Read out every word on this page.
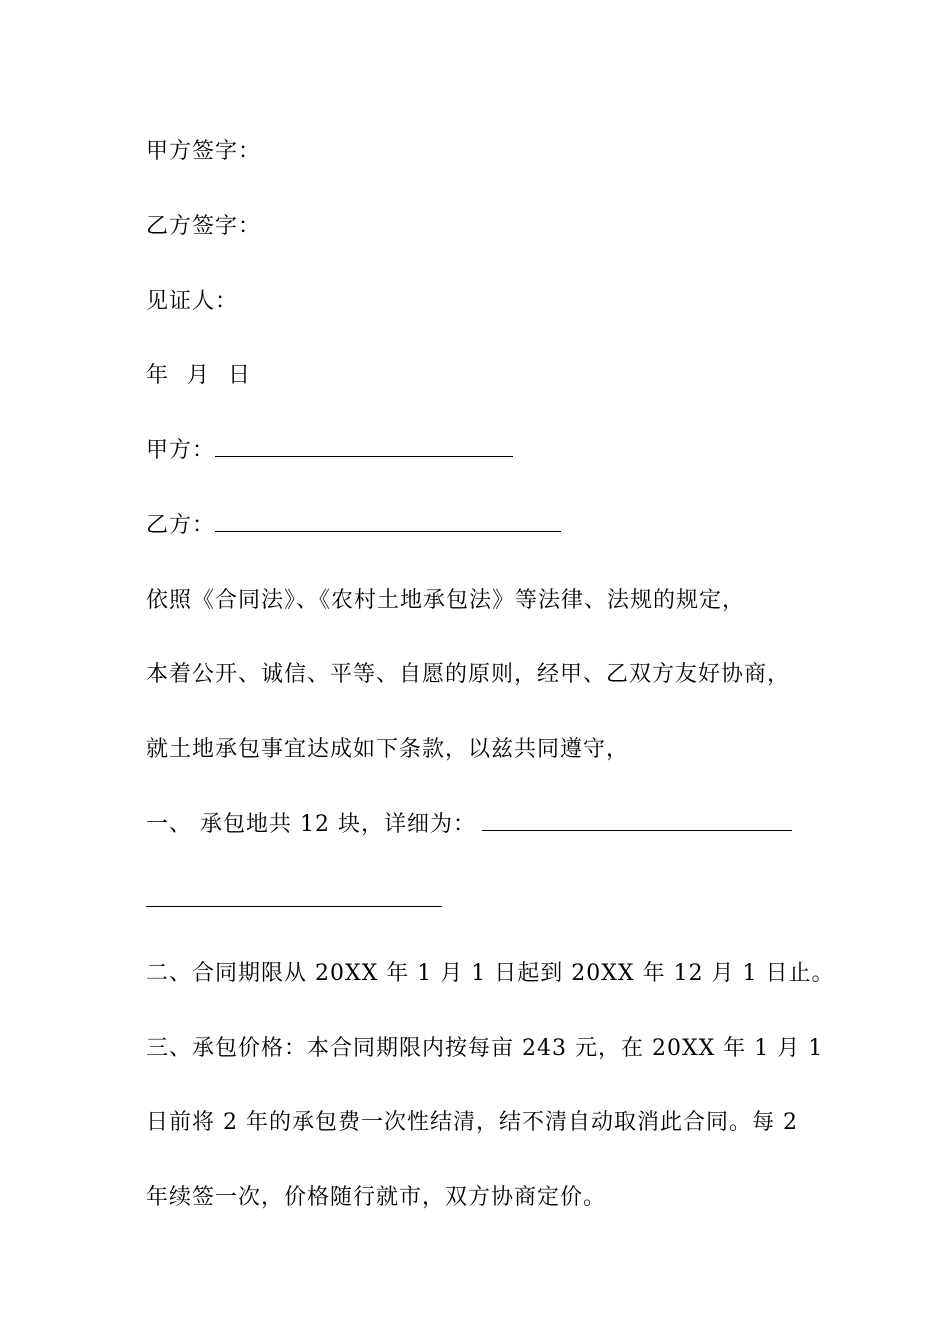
甲方签字：
乙方签字：
见证人：
年 月 日
甲方：
乙方：
依照《合同法》、《农村土地承包法》等法律、法规的规定，
本着公开、诚信、平等、自愿的原则，经甲、乙双方友好协商，
就土地承包事宜达成如下条款，以兹共同遵守，
一、 承包地共 12 块，详细为：
二、合同期限从 20XX 年 1 月 1 日起到 20XX 年 12 月 1 日止。
三、承包价格：本合同期限内按每亩 243 元，在 20XX 年 1 月 1
日前将 2 年的承包费一次性结清，结不清自动取消此合同。每 2
年续签一次，价格随行就市，双方协商定价。
